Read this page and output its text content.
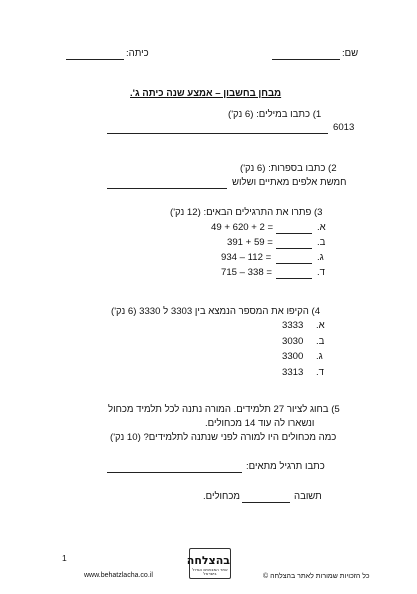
שם:
כיתה:
מבחן בחשבון – אמצע שנה כיתה ג'.
1) כתבו במילים: (6 נק')
6013
2) כתבו בספרות: (6 נק')
חמשת אלפים מאתיים ושלוש
3) פתרו את התרגילים הבאים: (12 נק')
א.
49 + 620 + 2 =
ב.
391 + 59 =
ג.
934 – 112 =
ד.
715 – 338 =
4) הקיפו את המספר הנמצא בין 3303 ל 3330 (6 נק')
א.
3333
ב.
3030
ג.
3300
ד.
3313
5) בחוג לציור 27 תלמידים. המורה נתנה לכל תלמיד מכחול
ונשארו לה עוד 14 מכחולים.
כמה מכחולים היו למורה לפני שנתנה לתלמידים? (10 נק')
כתבו תרגיל מתאים:
תשובה
מכחולים.
1
www.behatzlacha.co.il
בהצלחה
אתר המבחנים הגדול בישראל	כל הזכויות שמורות לאתר בהצלחה ©
